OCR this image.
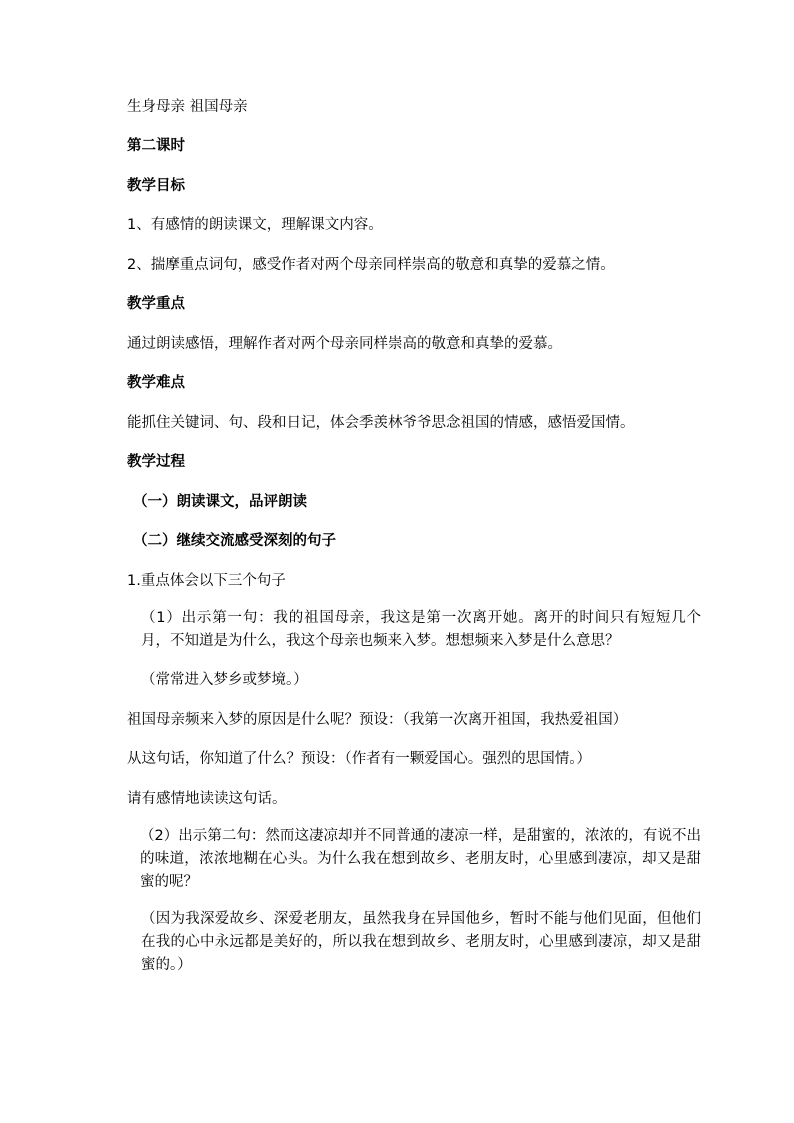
生身母亲 祖国母亲
第二课时
教学目标
1、有感情的朗读课文，理解课文内容。
2、揣摩重点词句，感受作者对两个母亲同样崇高的敬意和真挚的爱慕之情。
教学重点
通过朗读感悟，理解作者对两个母亲同样崇高的敬意和真挚的爱慕。
教学难点
能抓住关键词、句、段和日记，体会季羡林爷爷思念祖国的情感，感悟爱国情。
教学过程
（一）朗读课文，品评朗读
（二）继续交流感受深刻的句子
1.重点体会以下三个句子
（1）出示第一句：我的祖国母亲，我这是第一次离开她。离开的时间只有短短几个月，不知道是为什么，我这个母亲也频来入梦。想想频来入梦是什么意思？
（常常进入梦乡或梦境。）
祖国母亲频来入梦的原因是什么呢？预设：（我第一次离开祖国，我热爱祖国）
从这句话，你知道了什么？预设：（作者有一颗爱国心。强烈的思国情。）
请有感情地读读这句话。
（2）出示第二句：然而这凄凉却并不同普通的凄凉一样，是甜蜜的，浓浓的，有说不出的味道，浓浓地糊在心头。为什么我在想到故乡、老朋友时，心里感到凄凉，却又是甜蜜的呢？
（因为我深爱故乡、深爱老朋友，虽然我身在异国他乡，暂时不能与他们见面，但他们在我的心中永远都是美好的，所以我在想到故乡、老朋友时，心里感到凄凉，却又是甜蜜的。）
